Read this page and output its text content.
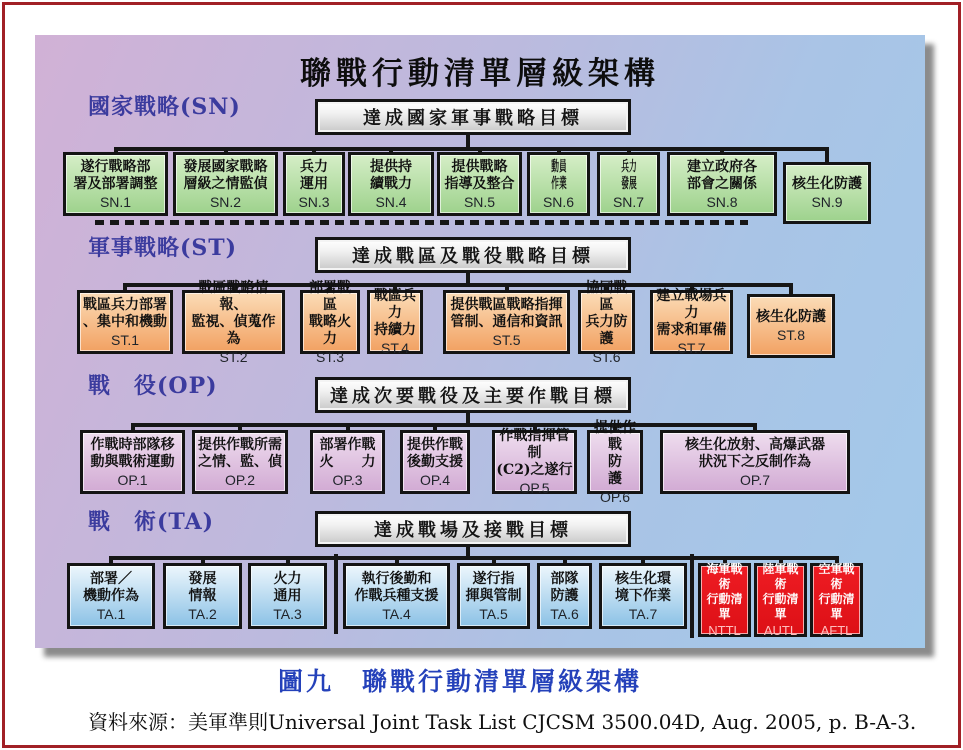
聯戰行動清單層級架構
國家戰略(SN)	達成國家軍事戰略目標
遂行戰略部
署及部署調整
SN.1
發展國家戰略
層級之情監偵
SN.2
兵力
運用
SN.3
提供持
續戰力
SN.4
提供戰略
指導及整合
SN.5
動員
作業
SN.6
兵力
發展
SN.7
建立政府各
部會之關係
SN.8
核生化防護
SN.9
軍事戰略(ST)	達成戰區及戰役戰略目標
戰區兵力部署
、集中和機動
ST.1
戰區戰略情報、
監視、偵蒐作為
ST.2
部署戰區
戰略火力
ST.3
戰區兵力
持續力
ST.4
提供戰區戰略指揮
管制、通信和資訊
ST.5
協同戰區
兵力防護
ST.6
建立戰場兵力
需求和軍備
ST.7
核生化防護
ST.8
戰　役(OP)	達成次要戰役及主要作戰目標
作戰時部隊移
動與戰術運動
OP.1
提供作戰所需
之情、監、偵
OP.2
部署作戰
火　　力
OP.3
提供作戰
後勤支援
OP.4
作戰指揮管制
(C2)之遂行
OP.5
提供作戰
防　　護
OP.6
核生化放射、高爆武器
狀況下之反制作為
OP.7
戰　術(TA)	達成戰場及接戰目標
部署／
機動作為
TA.1
發展
情報
TA.2
火力
通用
TA.3
執行後勤和
作戰兵種支援
TA.4
遂行指
揮與管制
TA.5
部隊
防護
TA.6
核生化環
境下作業
TA.7
海軍戰術
行動清單
NTTL
陸軍戰術
行動清單
AUTL
空軍戰術
行動清單
AFTL
圖九　聯戰行動清單層級架構
資料來源：美軍準則Universal Joint Task List CJCSM 3500.04D, Aug. 2005, p. B-A-3.
